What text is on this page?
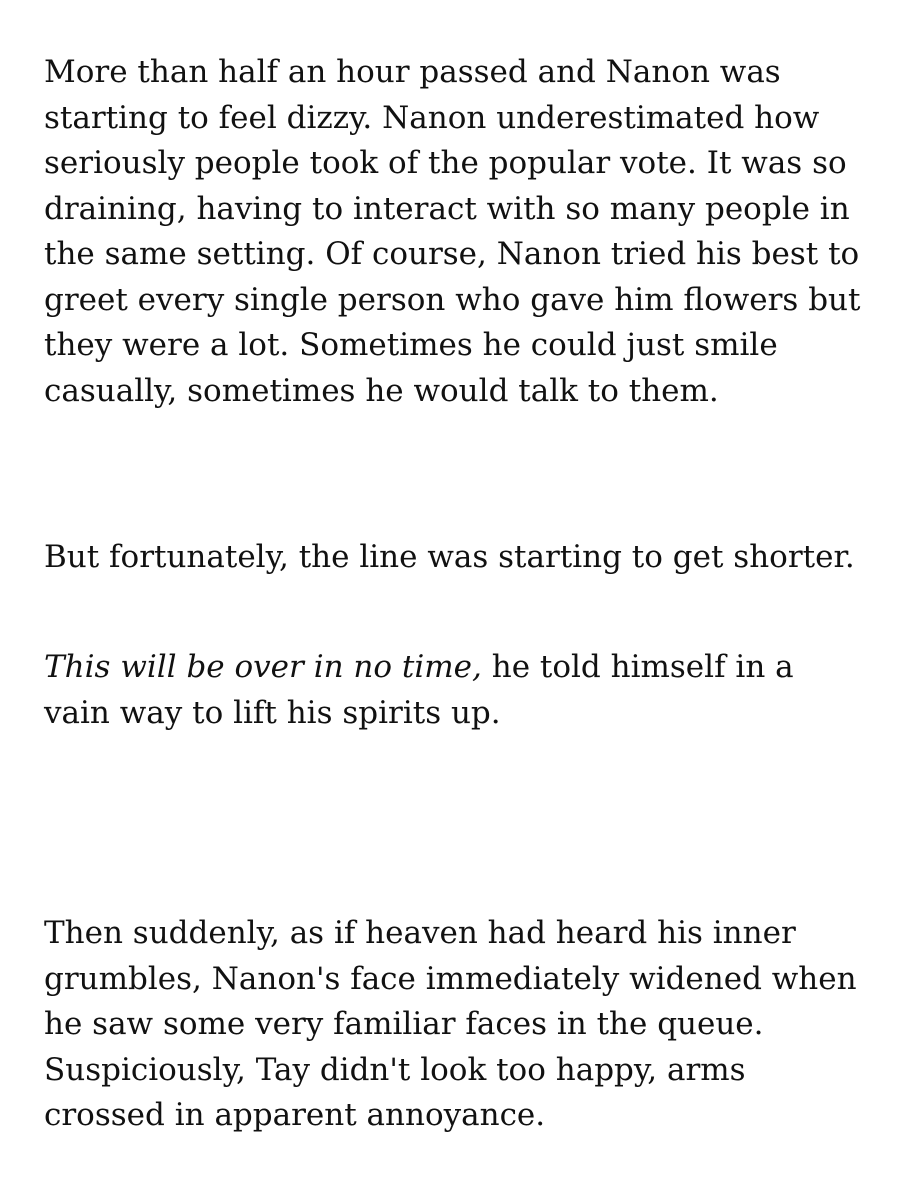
More than half an hour passed and Nanon was
starting to feel dizzy. Nanon underestimated how
seriously people took of the popular vote. It was so
draining, having to interact with so many people in
the same setting. Of course, Nanon tried his best to
greet every single person who gave him flowers but
they were a lot. Sometimes he could just smile
casually, sometimes he would talk to them.

But fortunately, the line was starting to get shorter.

This will be over in no time, he told himself in a
vain way to lift his spirits up.

Then suddenly, as if heaven had heard his inner
grumbles, Nanon's face immediately widened when
he saw some very familiar faces in the queue.
Suspiciously, Tay didn't look too happy, arms
crossed in apparent annoyance.
